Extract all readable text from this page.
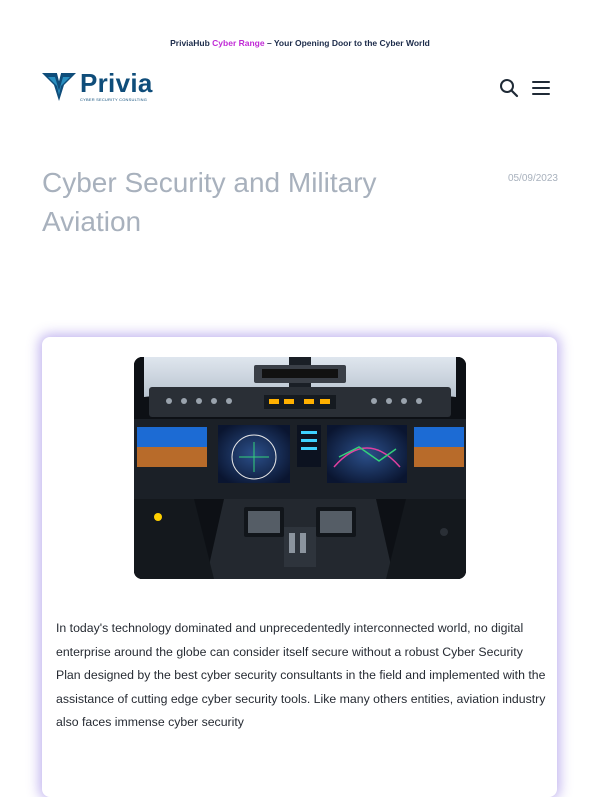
PriviaHub Cyber Range – Your Opening Door to the Cyber World
Privia
CYBER SECURITY CONSULTING
Cyber Security and Military Aviation
05/09/2023

In today's technology dominated and unprecedentedly interconnected world, no digital enterprise around the globe can consider itself secure without a robust Cyber Security Plan designed by the best cyber security consultants in the field and implemented with the assistance of cutting edge cyber security tools. Like many others entities, aviation industry also faces immense cyber security
